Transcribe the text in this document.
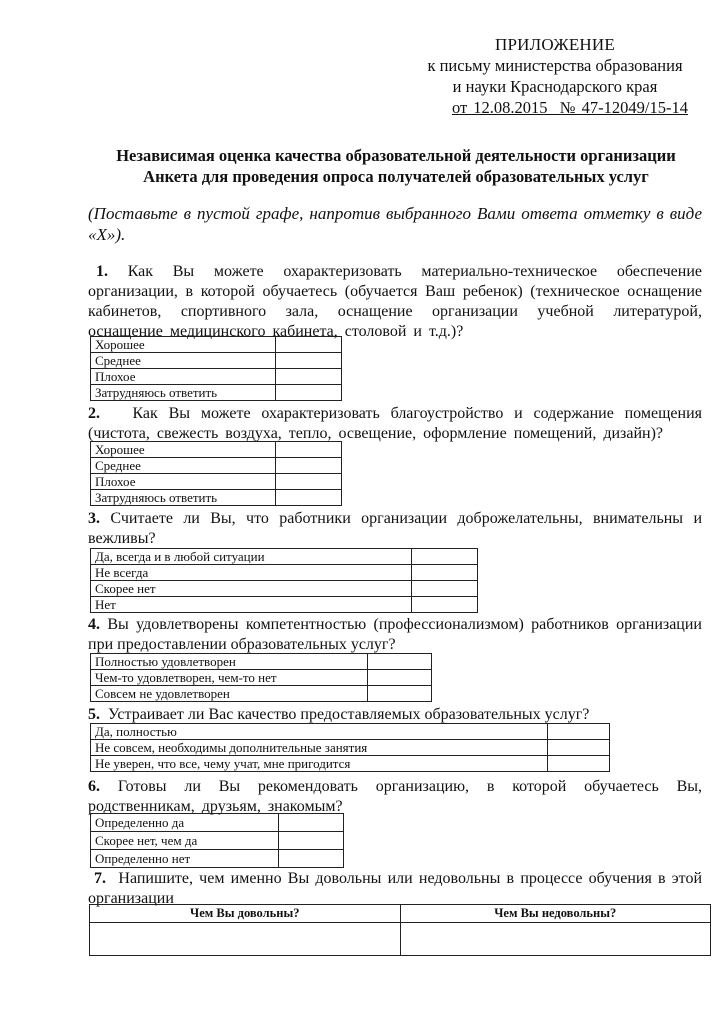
ПРИЛОЖЕНИЕ
к письму министерства образования
и науки Краснодарского края
от 12.08.2015  № 47-12049/15-14
Независимая оценка качества образовательной деятельности организации
Анкета для проведения опроса получателей образовательных услуг
(Поставьте в пустой графе, напротив выбранного Вами ответа отметку в виде «Х»).
1. Как Вы можете охарактеризовать материально-техническое обеспечение организации, в которой обучаетесь (обучается Ваш ребенок) (техническое оснащение кабинетов, спортивного зала, оснащение организации учебной литературой, оснащение медицинского кабинета, столовой и т.д.)?
Хорошее	
Среднее	
Плохое	
Затрудняюсь ответить	
2. Как Вы можете охарактеризовать благоустройство и содержание помещения (чистота, свежесть воздуха, тепло, освещение, оформление помещений, дизайн)?
Хорошее	
Среднее	
Плохое	
Затрудняюсь ответить	
3. Считаете ли Вы, что работники организации доброжелательны, внимательны и вежливы?
Да, всегда и в любой ситуации	
Не всегда	
Скорее нет	
Нет	
4. Вы удовлетворены компетентностью (профессионализмом) работников организации при предоставлении образовательных услуг?
Полностью удовлетворен	
Чем-то удовлетворен, чем-то нет	
Совсем не удовлетворен	
5. Устраивает ли Вас качество предоставляемых образовательных услуг?
Да, полностью	
Не совсем, необходимы дополнительные занятия	
Не уверен, что все, чему учат, мне пригодится	
6. Готовы ли Вы рекомендовать организацию, в которой обучаетесь Вы, родственникам, друзьям, знакомым?
Определенно да	
Скорее нет, чем да	
Определенно нет	
7. Напишите, чем именно Вы довольны или недовольны в процессе обучения в этой организации
Чем Вы довольны?	Чем Вы недовольны?
